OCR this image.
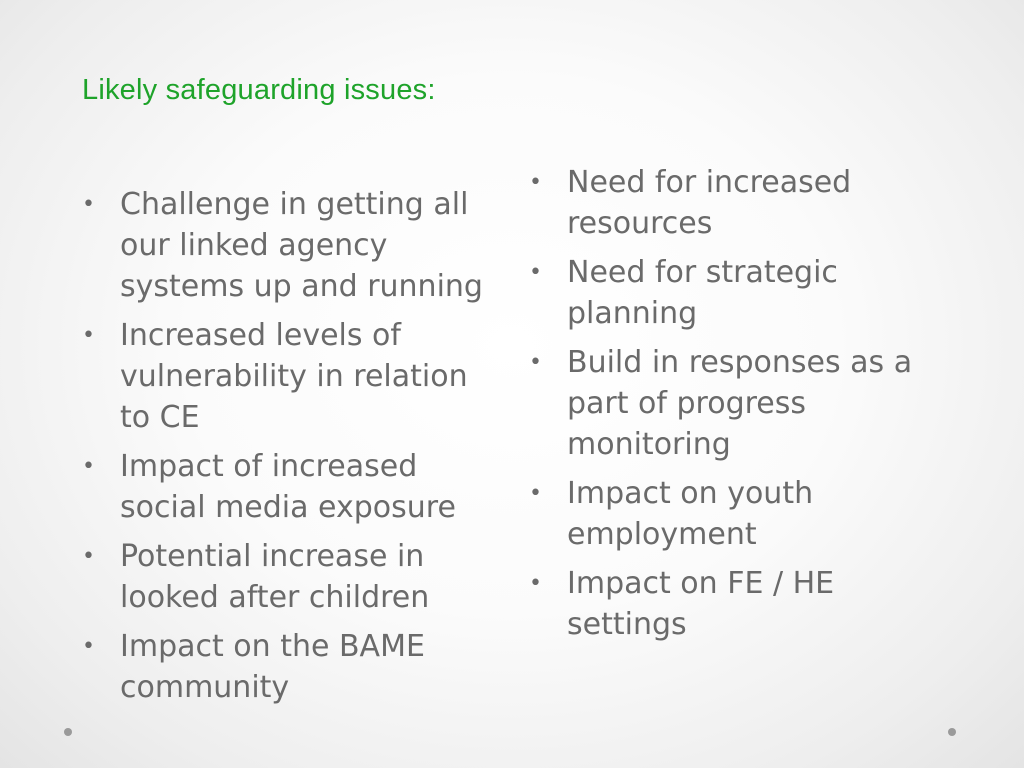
Likely safeguarding issues:
• Challenge in getting all our linked agency systems up and running
• Increased levels of vulnerability in relation to CE
• Impact of increased social media exposure
• Potential increase in looked after children
• Impact on the BAME community
• Need for increased resources
• Need for strategic planning
• Build in responses as a part of progress monitoring
• Impact on youth employment
• Impact on FE / HE settings
